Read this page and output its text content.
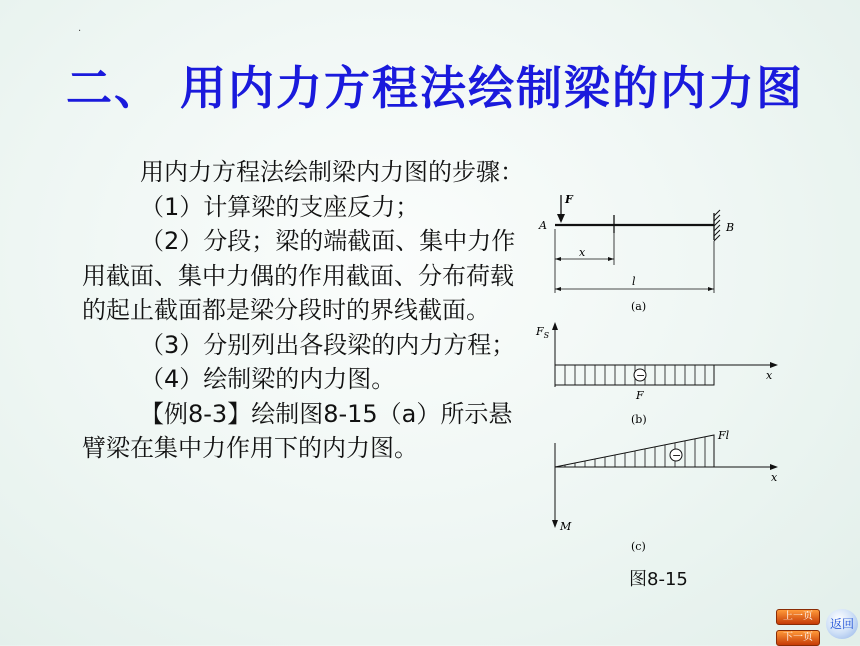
·
二、 用内力方程法绘制梁的内力图

用内力方程法绘制梁内力图的步骤：

（1）计算梁的支座反力；

（2）分段；梁的端截面、集中力作用截面、集中力偶的作用截面、分布荷载的起止截面都是梁分段时的界线截面。

（3）分别列出各段梁的内力方程；

（4）绘制梁的内力图。

【例8-3】绘制图8-15（a）所示悬臂梁在集中力作用下的内力图。

F
A	B
x
l
(a)
$F_S$
x
−
F
(b)
M
x
−
Fl
(c)
图8-15
上一页
下一页
返回
